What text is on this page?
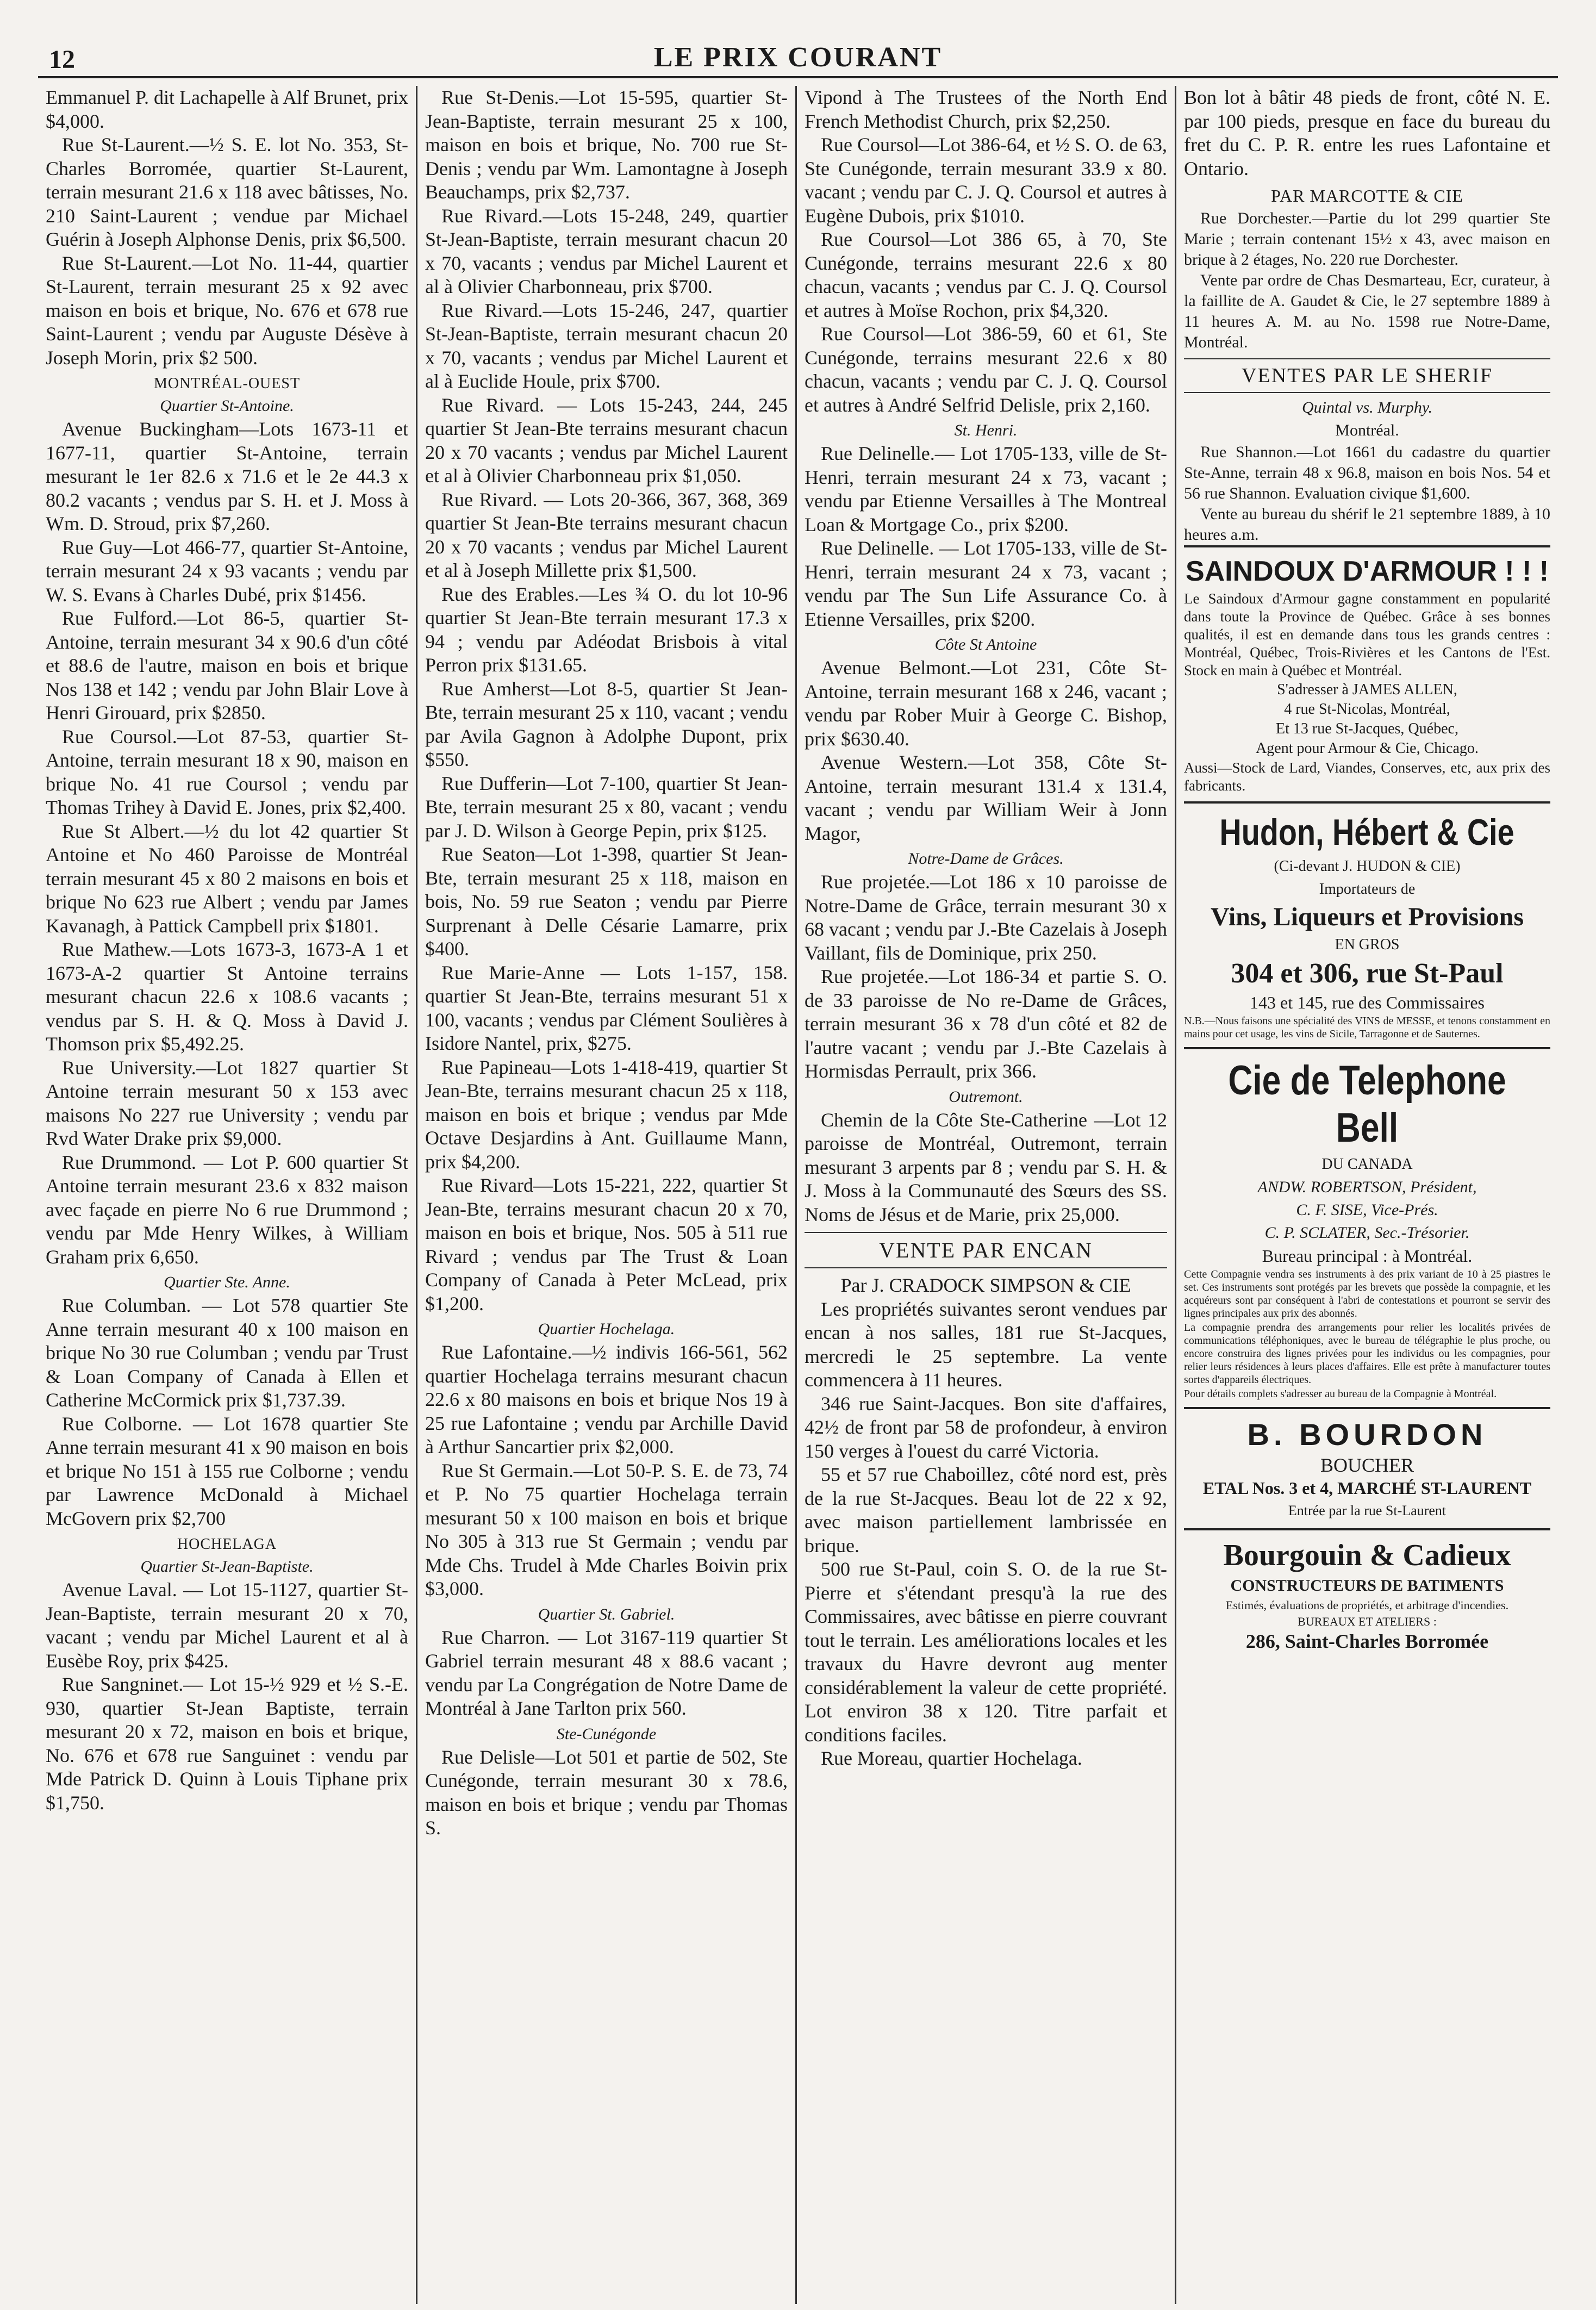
12	LE PRIX COURANT

Emmanuel P. dit Lachapelle à Alf Brunet, prix $4,000.

Rue St-Laurent.—½ S. E. lot No. 353, St-Charles Borromée, quartier St-Laurent, terrain mesurant 21.6 x 118 avec bâtisses, No. 210 Saint-Laurent ; vendue par Michael Guérin à Joseph Alphonse Denis, prix $6,500.

Rue St-Laurent.—Lot No. 11-44, quartier St-Laurent, terrain mesurant 25 x 92 avec maison en bois et brique, No. 676 et 678 rue Saint-Laurent ; vendu par Auguste Désève à Joseph Morin, prix $2 500.

MONTRÉAL-OUEST
Quartier St-Antoine.

Avenue Buckingham—Lots 1673-11 et 1677-11, quartier St-Antoine, terrain mesurant le 1er 82.6 x 71.6 et le 2e 44.3 x 80.2 vacants ; vendus par S. H. et J. Moss à Wm. D. Stroud, prix $7,260.

Rue Guy—Lot 466-77, quartier St-Antoine, terrain mesurant 24 x 93 vacants ; vendu par W. S. Evans à Charles Dubé, prix $1456.

Rue Fulford.—Lot 86-5, quartier St-Antoine, terrain mesurant 34 x 90.6 d'un côté et 88.6 de l'autre, maison en bois et brique Nos 138 et 142 ; vendu par John Blair Love à Henri Girouard, prix $2850.

Rue Coursol.—Lot 87-53, quartier St-Antoine, terrain mesurant 18 x 90, maison en brique No. 41 rue Coursol ; vendu par Thomas Trihey à David E. Jones, prix $2,400.

Rue St Albert.—½ du lot 42 quartier St Antoine et No 460 Paroisse de Montréal terrain mesurant 45 x 80 2 maisons en bois et brique No 623 rue Albert ; vendu par James Kavanagh, à Pattick Campbell prix $1801.

Rue Mathew.—Lots 1673-3, 1673-A 1 et 1673-A-2 quartier St Antoine terrains mesurant chacun 22.6 x 108.6 vacants ; vendus par S. H. & Q. Moss à David J. Thomson prix $5,492.25.

Rue University.—Lot 1827 quartier St Antoine terrain mesurant 50 x 153 avec maisons No 227 rue University ; vendu par Rvd Water Drake prix $9,000.

Rue Drummond. — Lot P. 600 quartier St Antoine terrain mesurant 23.6 x 832 maison avec façade en pierre No 6 rue Drummond ; vendu par Mde Henry Wilkes, à William Graham prix 6,650.

Quartier Ste. Anne.

Rue Columban. — Lot 578 quartier Ste Anne terrain mesurant 40 x 100 maison en brique No 30 rue Columban ; vendu par Trust & Loan Company of Canada à Ellen et Catherine McCormick prix $1,737.39.

Rue Colborne. — Lot 1678 quartier Ste Anne terrain mesurant 41 x 90 maison en bois et brique No 151 à 155 rue Colborne ; vendu par Lawrence McDonald à Michael McGovern prix $2,700

HOCHELAGA
Quartier St-Jean-Baptiste.

Avenue Laval. — Lot 15-1127, quartier St-Jean-Baptiste, terrain mesurant 20 x 70, vacant ; vendu par Michel Laurent et al à Eusèbe Roy, prix $425.

Rue Sangninet.— Lot 15-½ 929 et ½ S.-E. 930, quartier St-Jean Baptiste, terrain mesurant 20 x 72, maison en bois et brique, No. 676 et 678 rue Sanguinet : vendu par Mde Patrick D. Quinn à Louis Tiphane prix $1,750.

Rue St-Denis.—Lot 15-595, quartier St-Jean-Baptiste, terrain mesurant 25 x 100, maison en bois et brique, No. 700 rue St-Denis ; vendu par Wm. Lamontagne à Joseph Beauchamps, prix $2,737.

Rue Rivard.—Lots 15-248, 249, quartier St-Jean-Baptiste, terrain mesurant chacun 20 x 70, vacants ; vendus par Michel Laurent et al à Olivier Charbonneau, prix $700.

Rue Rivard.—Lots 15-246, 247, quartier St-Jean-Baptiste, terrain mesurant chacun 20 x 70, vacants ; vendus par Michel Laurent et al à Euclide Houle, prix $700.

Rue Rivard. — Lots 15-243, 244, 245 quartier St Jean-Bte terrains mesurant chacun 20 x 70 vacants ; vendus par Michel Laurent et al à Olivier Charbonneau prix $1,050.

Rue Rivard. — Lots 20-366, 367, 368, 369 quartier St Jean-Bte terrains mesurant chacun 20 x 70 vacants ; vendus par Michel Laurent et al à Joseph Millette prix $1,500.

Rue des Erables.—Les ¾ O. du lot 10-96 quartier St Jean-Bte terrain mesurant 17.3 x 94 ; vendu par Adéodat Brisbois à vital Perron prix $131.65.

Rue Amherst—Lot 8-5, quartier St Jean-Bte, terrain mesurant 25 x 110, vacant ; vendu par Avila Gagnon à Adolphe Dupont, prix $550.

Rue Dufferin—Lot 7-100, quartier St Jean-Bte, terrain mesurant 25 x 80, vacant ; vendu par J. D. Wilson à George Pepin, prix $125.

Rue Seaton—Lot 1-398, quartier St Jean-Bte, terrain mesurant 25 x 118, maison en bois, No. 59 rue Seaton ; vendu par Pierre Surprenant à Delle Césarie Lamarre, prix $400.

Rue Marie-Anne — Lots 1-157, 158. quartier St Jean-Bte, terrains mesurant 51 x 100, vacants ; vendus par Clément Soulières à Isidore Nantel, prix, $275.

Rue Papineau—Lots 1-418-419, quartier St Jean-Bte, terrains mesurant chacun 25 x 118, maison en bois et brique ; vendus par Mde Octave Desjardins à Ant. Guillaume Mann, prix $4,200.

Rue Rivard—Lots 15-221, 222, quartier St Jean-Bte, terrains mesurant chacun 20 x 70, maison en bois et brique, Nos. 505 à 511 rue Rivard ; vendus par The Trust & Loan Company of Canada à Peter McLead, prix $1,200.

Quartier Hochelaga.

Rue Lafontaine.—½ indivis 166-561, 562 quartier Hochelaga terrains mesurant chacun 22.6 x 80 maisons en bois et brique Nos 19 à 25 rue Lafontaine ; vendu par Archille David à Arthur Sancartier prix $2,000.

Rue St Germain.—Lot 50-P. S. E. de 73, 74 et P. No 75 quartier Hochelaga terrain mesurant 50 x 100 maison en bois et brique No 305 à 313 rue St Germain ; vendu par Mde Chs. Trudel à Mde Charles Boivin prix $3,000.

Quartier St. Gabriel.

Rue Charron. — Lot 3167-119 quartier St Gabriel terrain mesurant 48 x 88.6 vacant ; vendu par La Congrégation de Notre Dame de Montréal à Jane Tarlton prix 560.

Ste-Cunégonde

Rue Delisle—Lot 501 et partie de 502, Ste Cunégonde, terrain mesurant 30 x 78.6, maison en bois et brique ; vendu par Thomas S.

Vipond à The Trustees of the North End French Methodist Church, prix $2,250.

Rue Coursol—Lot 386-64, et ½ S. O. de 63, Ste Cunégonde, terrain mesurant 33.9 x 80. vacant ; vendu par C. J. Q. Coursol et autres à Eugène Dubois, prix $1010.

Rue Coursol—Lot 386 65, à 70, Ste Cunégonde, terrains mesurant 22.6 x 80 chacun, vacants ; vendus par C. J. Q. Coursol et autres à Moïse Rochon, prix $4,320.

Rue Coursol—Lot 386-59, 60 et 61, Ste Cunégonde, terrains mesurant 22.6 x 80 chacun, vacants ; vendu par C. J. Q. Coursol et autres à André Selfrid Delisle, prix 2,160.

St. Henri.

Rue Delinelle.— Lot 1705-133, ville de St-Henri, terrain mesurant 24 x 73, vacant ; vendu par Etienne Versailles à The Montreal Loan & Mortgage Co., prix $200.

Rue Delinelle. — Lot 1705-133, ville de St-Henri, terrain mesurant 24 x 73, vacant ; vendu par The Sun Life Assurance Co. à Etienne Versailles, prix $200.

Côte St Antoine

Avenue Belmont.—Lot 231, Côte St-Antoine, terrain mesurant 168 x 246, vacant ; vendu par Rober Muir à George C. Bishop, prix $630.40.

Avenue Western.—Lot 358, Côte St-Antoine, terrain mesurant 131.4 x 131.4, vacant ; vendu par William Weir à Jonn Magor,

Notre-Dame de Grâces.

Rue projetée.—Lot 186 x 10 paroisse de Notre-Dame de Grâce, terrain mesurant 30 x 68 vacant ; vendu par J.-Bte Cazelais à Joseph Vaillant, fils de Dominique, prix 250.

Rue projetée.—Lot 186-34 et partie S. O. de 33 paroisse de No re-Dame de Grâces, terrain mesurant 36 x 78 d'un côté et 82 de l'autre vacant ; vendu par J.-Bte Cazelais à Hormisdas Perrault, prix 366.

Outremont.

Chemin de la Côte Ste-Catherine —Lot 12 paroisse de Montréal, Outremont, terrain mesurant 3 arpents par 8 ; vendu par S. H. & J. Moss à la Communauté des Sœurs des SS. Noms de Jésus et de Marie, prix 25,000.

VENTE PAR ENCAN

Par J. CRADOCK SIMPSON & CIE

Les propriétés suivantes seront vendues par encan à nos salles, 181 rue St-Jacques, mercredi le 25 septembre. La vente commencera à 11 heures.

346 rue Saint-Jacques. Bon site d'affaires, 42½ de front par 58 de profondeur, à environ 150 verges à l'ouest du carré Victoria.

55 et 57 rue Chaboillez, côté nord est, près de la rue St-Jacques. Beau lot de 22 x 92, avec maison partiellement lambrissée en brique.

500 rue St-Paul, coin S. O. de la rue St-Pierre et s'étendant presqu'à la rue des Commissaires, avec bâtisse en pierre couvrant tout le terrain. Les améliorations locales et les travaux du Havre devront aug menter considérablement la valeur de cette propriété. Lot environ 38 x 120. Titre parfait et conditions faciles.

Rue Moreau, quartier Hochelaga.

Bon lot à bâtir 48 pieds de front, côté N. E. par 100 pieds, presque en face du bureau du fret du C. P. R. entre les rues Lafontaine et Ontario.

PAR MARCOTTE & CIE

Rue Dorchester.—Partie du lot 299 quartier Ste Marie ; terrain contenant 15½ x 43, avec maison en brique à 2 étages, No. 220 rue Dorchester.

Vente par ordre de Chas Desmarteau, Ecr, curateur, à la faillite de A. Gaudet & Cie, le 27 septembre 1889 à 11 heures A. M. au No. 1598 rue Notre-Dame, Montréal.

VENTES PAR LE SHERIF
Quintal vs. Murphy.
Montréal.

Rue Shannon.—Lot 1661 du cadastre du quartier Ste-Anne, terrain 48 x 96.8, maison en bois Nos. 54 et 56 rue Shannon. Evaluation civique $1,600.

Vente au bureau du shérif le 21 septembre 1889, à 10 heures a.m.

SAINDOUX D'ARMOUR ! ! !

Le Saindoux d'Armour gagne constamment en popularité dans toute la Province de Québec. Grâce à ses bonnes qualités, il est en demande dans tous les grands centres : Montréal, Québec, Trois-Rivières et les Cantons de l'Est. Stock en main à Québec et Montréal.

S'adresser à JAMES ALLEN,

4 rue St-Nicolas, Montréal,

Et 13 rue St-Jacques, Québec,

Agent pour Armour & Cie, Chicago.

Aussi—Stock de Lard, Viandes, Conserves, etc, aux prix des fabricants.

Hudon, Hébert & Cie

(Ci-devant J. HUDON & CIE)

Importateurs de

Vins, Liqueurs et Provisions

EN GROS

304 et 306, rue St-Paul

143 et 145, rue des Commissaires

N.B.—Nous faisons une spécialité des VINS de MESSE, et tenons constamment en mains pour cet usage, les vins de Sicile, Tarragonne et de Sauternes.

Cie de Telephone Bell

DU CANADA

ANDW. ROBERTSON, Président,

C. F. SISE, Vice-Prés.

C. P. SCLATER, Sec.-Trésorier.

Bureau principal : à Montréal.

Cette Compagnie vendra ses instruments à des prix variant de 10 à 25 piastres le set. Ces instruments sont protégés par les brevets que possède la compagnie, et les acquéreurs sont par conséquent à l'abri de contestations et pourront se servir des lignes principales aux prix des abonnés.

La compagnie prendra des arrangements pour relier les localités privées de communications téléphoniques, avec le bureau de télégraphie le plus proche, ou encore construira des lignes privées pour les individus ou les compagnies, pour relier leurs résidences à leurs places d'affaires. Elle est prête à manufacturer toutes sortes d'appareils électriques.

Pour détails complets s'adresser au bureau de la Compagnie à Montréal.

B. BOURDON

BOUCHER

ETAL Nos. 3 et 4, MARCHÉ ST-LAURENT

Entrée par la rue St-Laurent

Bourgouin & Cadieux

CONSTRUCTEURS DE BATIMENTS

Estimés, évaluations de propriétés, et arbitrage d'incendies.

BUREAUX ET ATELIERS :

286, Saint-Charles Borromée
